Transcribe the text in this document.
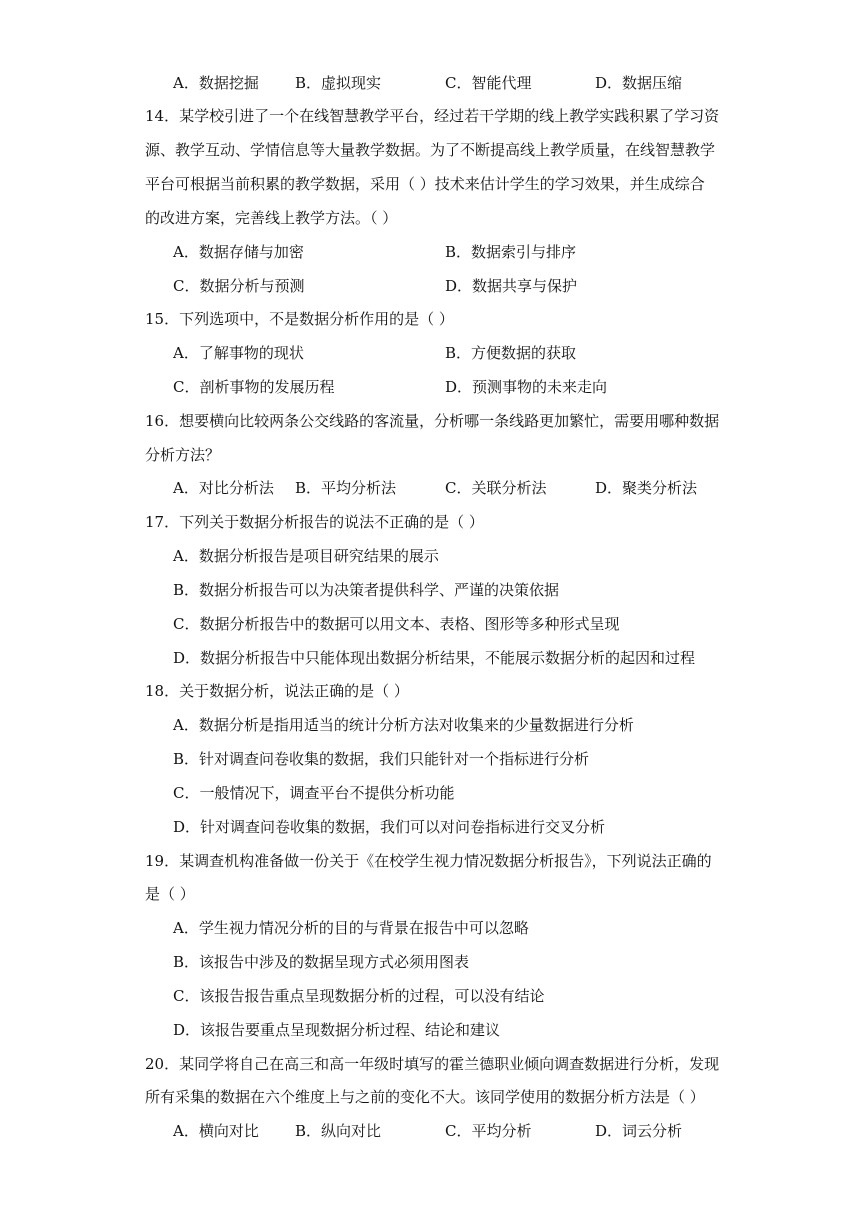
A．数据挖掘 B．虚拟现实	C．智能代理	D．数据压缩
14．某学校引进了一个在线智慧教学平台，经过若干学期的线上教学实践积累了学习资
源、教学互动、学情信息等大量教学数据。为了不断提高线上教学质量，在线智慧教学
平台可根据当前积累的教学数据，采用（ ）技术来估计学生的学习效果，并生成综合
的改进方案，完善线上教学方法。（ ）
A．数据存储与加密	B．数据索引与排序
C．数据分析与预测	D．数据共享与保护
15．下列选项中，不是数据分析作用的是（ ）
A．了解事物的现状	B．方便数据的获取
C．剖析事物的发展历程	D．预测事物的未来走向
16．想要横向比较两条公交线路的客流量，分析哪一条线路更加繁忙，需要用哪种数据
分析方法？
A．对比分析法 B．平均分析法	C．关联分析法	D．聚类分析法
17．下列关于数据分析报告的说法不正确的是（ ）
A．数据分析报告是项目研究结果的展示
B．数据分析报告可以为决策者提供科学、严谨的决策依据
C．数据分析报告中的数据可以用文本、表格、图形等多种形式呈现
D．数据分析报告中只能体现出数据分析结果，不能展示数据分析的起因和过程
18．关于数据分析，说法正确的是（ ）
A．数据分析是指用适当的统计分析方法对收集来的少量数据进行分析
B．针对调查问卷收集的数据，我们只能针对一个指标进行分析
C．一般情况下，调查平台不提供分析功能
D．针对调查问卷收集的数据，我们可以对问卷指标进行交叉分析
19．某调查机构准备做一份关于《在校学生视力情况数据分析报告》，下列说法正确的
是（ ）
A．学生视力情况分析的目的与背景在报告中可以忽略
B．该报告中涉及的数据呈现方式必须用图表
C．该报告报告重点呈现数据分析的过程，可以没有结论
D．该报告要重点呈现数据分析过程、结论和建议
20．某同学将自己在高三和高一年级时填写的霍兰德职业倾向调查数据进行分析，发现
所有采集的数据在六个维度上与之前的变化不大。该同学使用的数据分析方法是（ ）
A．横向对比 B．纵向对比	C．平均分析	D．词云分析
